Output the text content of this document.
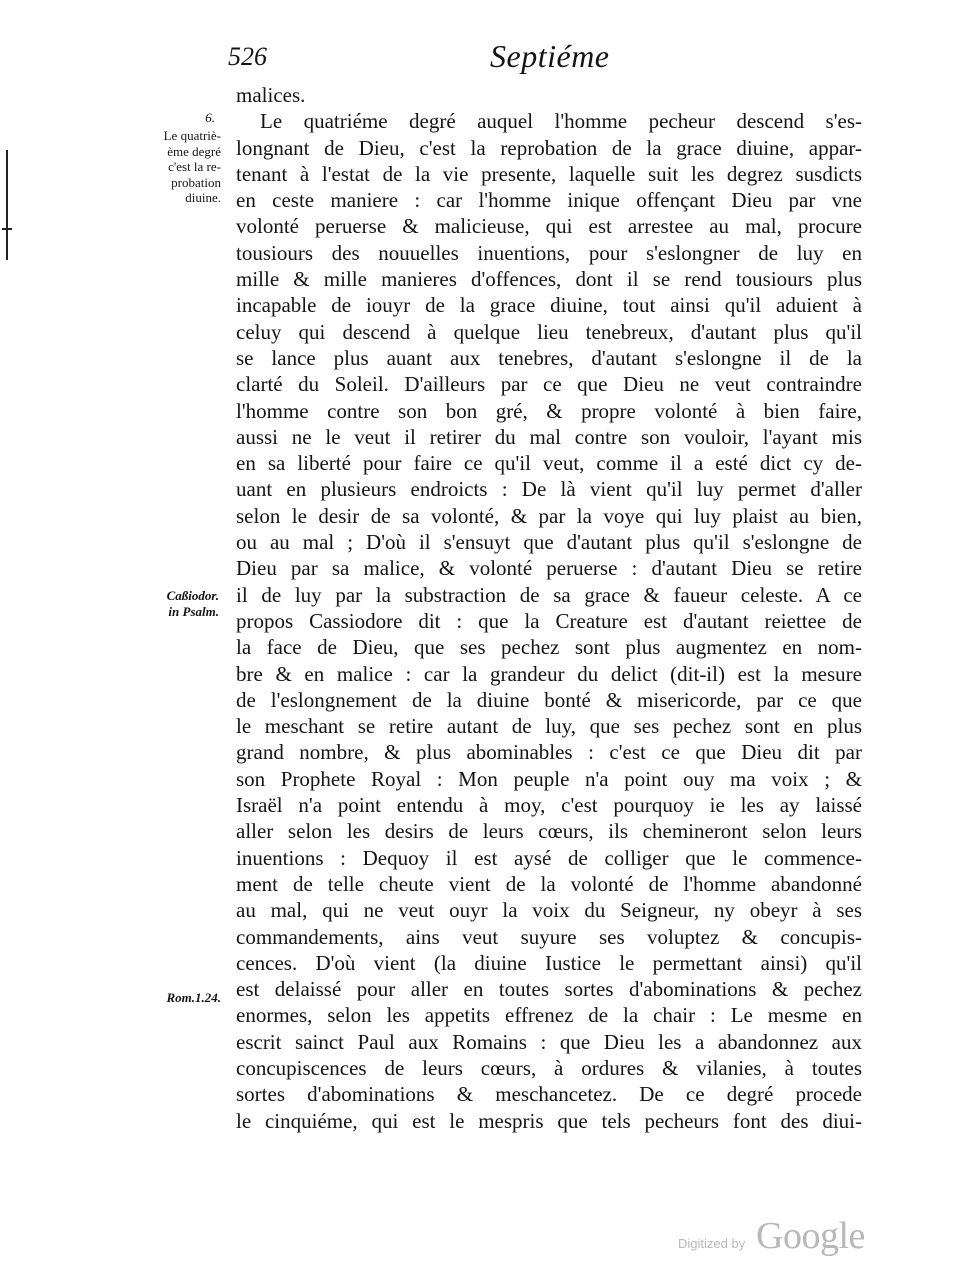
526	Septiéme
6.
Le quatriè-
ème degré
c'est la re-
probation
diuine.
Caßiodor.
in Psalm.
Rom.1.24.
malices.
Le quatriéme degré auquel l'homme pecheur descend s'es-
longnant de Dieu, c'est la reprobation de la grace diuine, appar-
tenant à l'estat de la vie presente, laquelle suit les degrez susdicts
en ceste maniere : car l'homme inique offençant Dieu par vne
volonté peruerse & malicieuse, qui est arrestee au mal, procure
tousiours des nouuelles inuentions, pour s'eslongner de luy en
mille & mille manieres d'offences, dont il se rend tousiours plus
incapable de iouyr de la grace diuine, tout ainsi qu'il aduient à
celuy qui descend à quelque lieu tenebreux, d'autant plus qu'il
se lance plus auant aux tenebres, d'autant s'eslongne il de la
clarté du Soleil. D'ailleurs par ce que Dieu ne veut contraindre
l'homme contre son bon gré, & propre volonté à bien faire,
aussi ne le veut il retirer du mal contre son vouloir, l'ayant mis
en sa liberté pour faire ce qu'il veut, comme il a esté dict cy de-
uant en plusieurs endroicts : De là vient qu'il luy permet d'aller
selon le desir de sa volonté, & par la voye qui luy plaist au bien,
ou au mal ; D'où il s'ensuyt que d'autant plus qu'il s'eslongne de
Dieu par sa malice, & volonté peruerse : d'autant Dieu se retire
il de luy par la substraction de sa grace & faueur celeste. A ce
propos Cassiodore dit : que la Creature est d'autant reiettee de
la face de Dieu, que ses pechez sont plus augmentez en nom-
bre & en malice : car la grandeur du delict (dit-il) est la mesure
de l'eslongnement de la diuine bonté & misericorde, par ce que
le meschant se retire autant de luy, que ses pechez sont en plus
grand nombre, & plus abominables : c'est ce que Dieu dit par
son Prophete Royal : Mon peuple n'a point ouy ma voix ; &
Israël n'a point entendu à moy, c'est pourquoy ie les ay laissé
aller selon les desirs de leurs cœurs, ils chemineront selon leurs
inuentions : Dequoy il est aysé de colliger que le commence-
ment de telle cheute vient de la volonté de l'homme abandonné
au mal, qui ne veut ouyr la voix du Seigneur, ny obeyr à ses
commandements, ains veut suyure ses voluptez & concupis-
cences. D'où vient (la diuine Iustice le permettant ainsi) qu'il
est delaissé pour aller en toutes sortes d'abominations & pechez
enormes, selon les appetits effrenez de la chair : Le mesme en
escrit sainct Paul aux Romains : que Dieu les a abandonnez aux
concupiscences de leurs cœurs, à ordures & vilanies, à toutes
sortes d'abominations & meschancetez. De ce degré procede
le cinquiéme, qui est le mespris que tels pecheurs font des diui-
Digitized by Google
